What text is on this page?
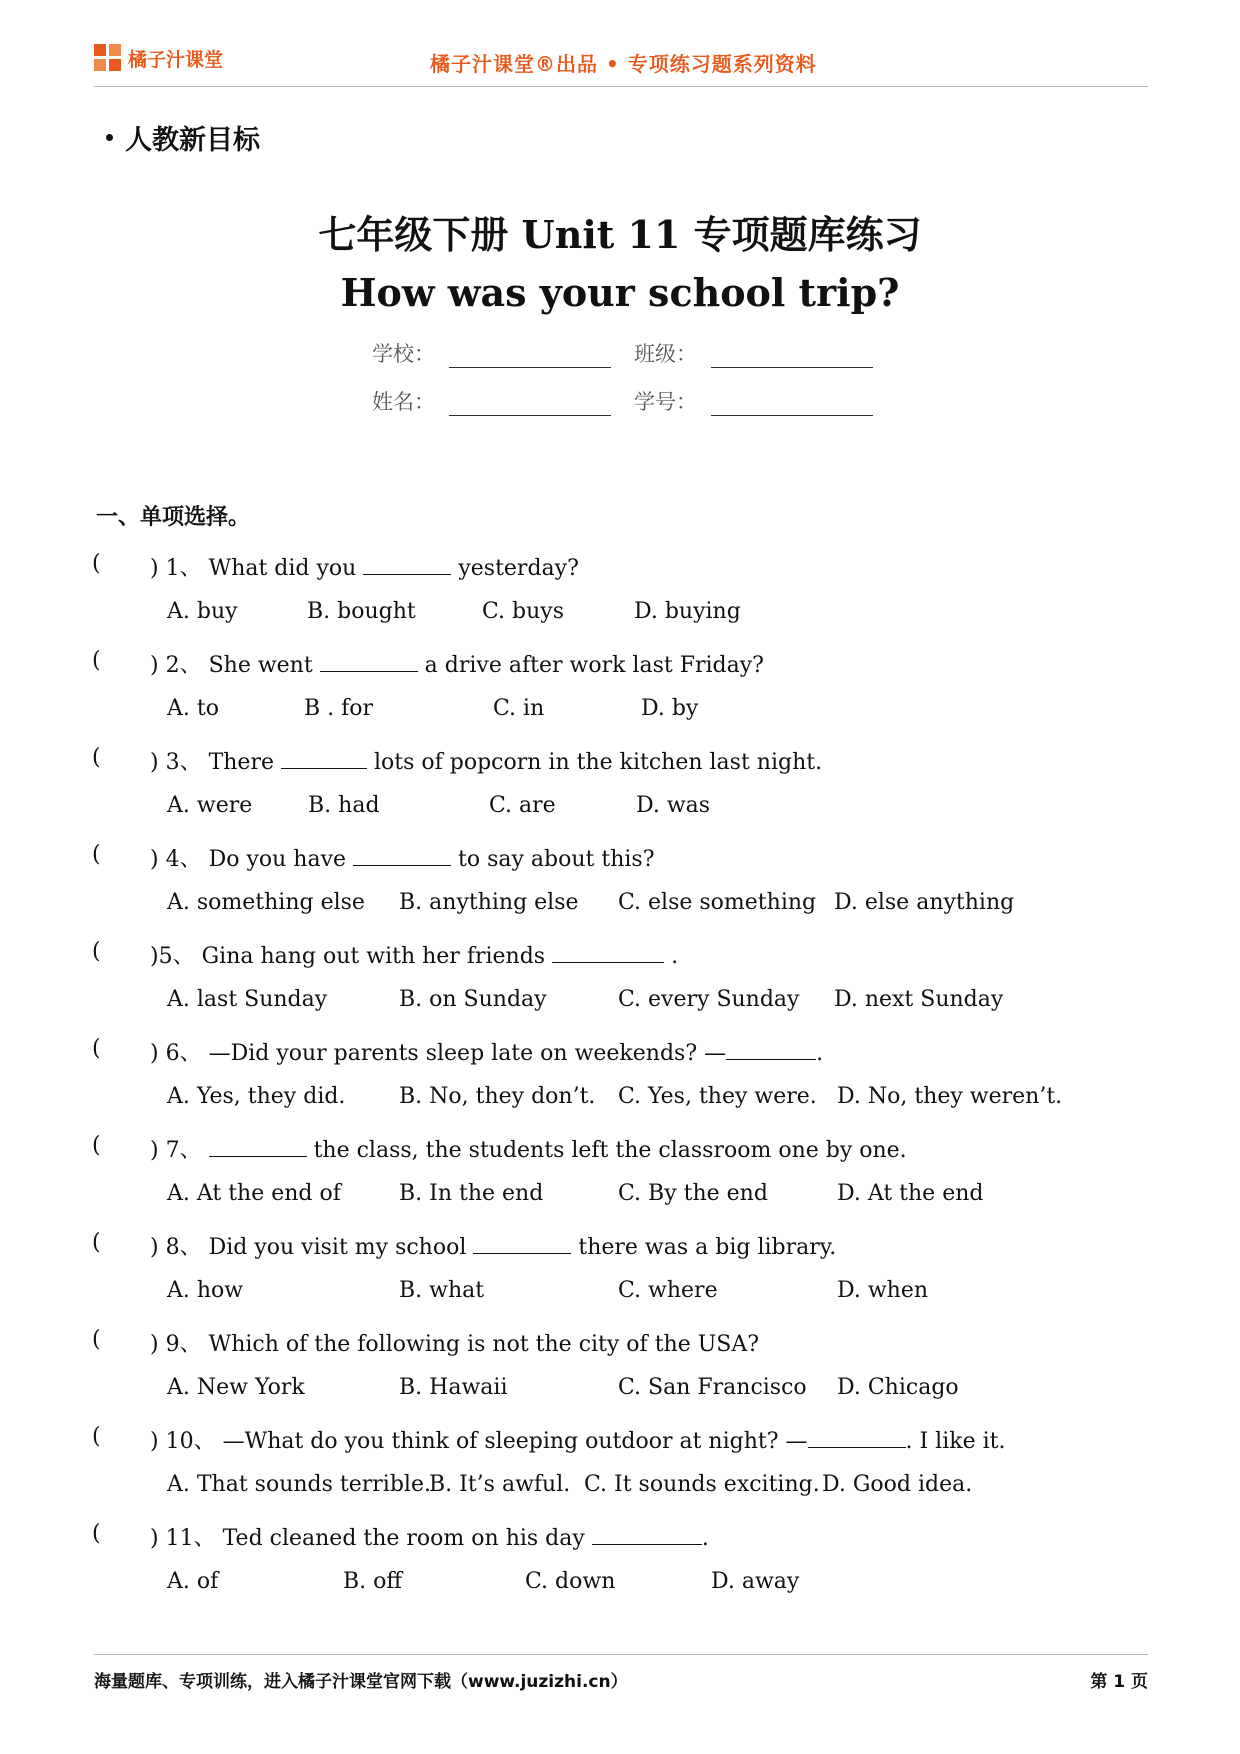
橘子汁课堂	橘子汁课堂®出品 • 专项练习题系列资料
人教新目标
七年级下册 Unit 11 专项题库练习
How was your school trip?
学校：	班级：
姓名：	学号：
一、单项选择。
( ) 1、 What did you	yesterday?
A. buy	B. bought	C. buys	D. buying
( ) 2、 She went	a drive after work last Friday?
A. to	B . for	C. in	D. by
( ) 3、 There	lots of popcorn in the kitchen last night.
A. were	B. had	C. are	D. was
( ) 4、 Do you have	to say about this?
A. something else B. anything else C. else something D. else anything
( )5、 Gina hang out with her friends	.
A. last Sunday	B. on Sunday	C. every Sunday D. next Sunday
( ) 6、 —Did your parents sleep late on weekends? —	.
A. Yes, they did. B. No, they don’t. C. Yes, they were. D. No, they weren’t.
( ) 7、	the class, the students left the classroom one by one.
A. At the end of	B. In the end	C. By the end	D. At the end
( ) 8、 Did you visit my school	there was a big library.
A. how	B. what	C. where	D. when
( ) 9、 Which of the following is not the city of the USA?
A. New York	B. Hawaii	C. San Francisco D. Chicago
( ) 10、 —What do you think of sleeping outdoor at night? —	. I like it.
A. That sounds terrible.
B. It’s awful. C. It sounds exciting. D. Good idea.
( ) 11、 Ted cleaned the room on his day	.
A. of	B. off	C. down	D. away
海量题库、专项训练，进入橘子汁课堂官网下载（www.juzizhi.cn）	第 1 页
